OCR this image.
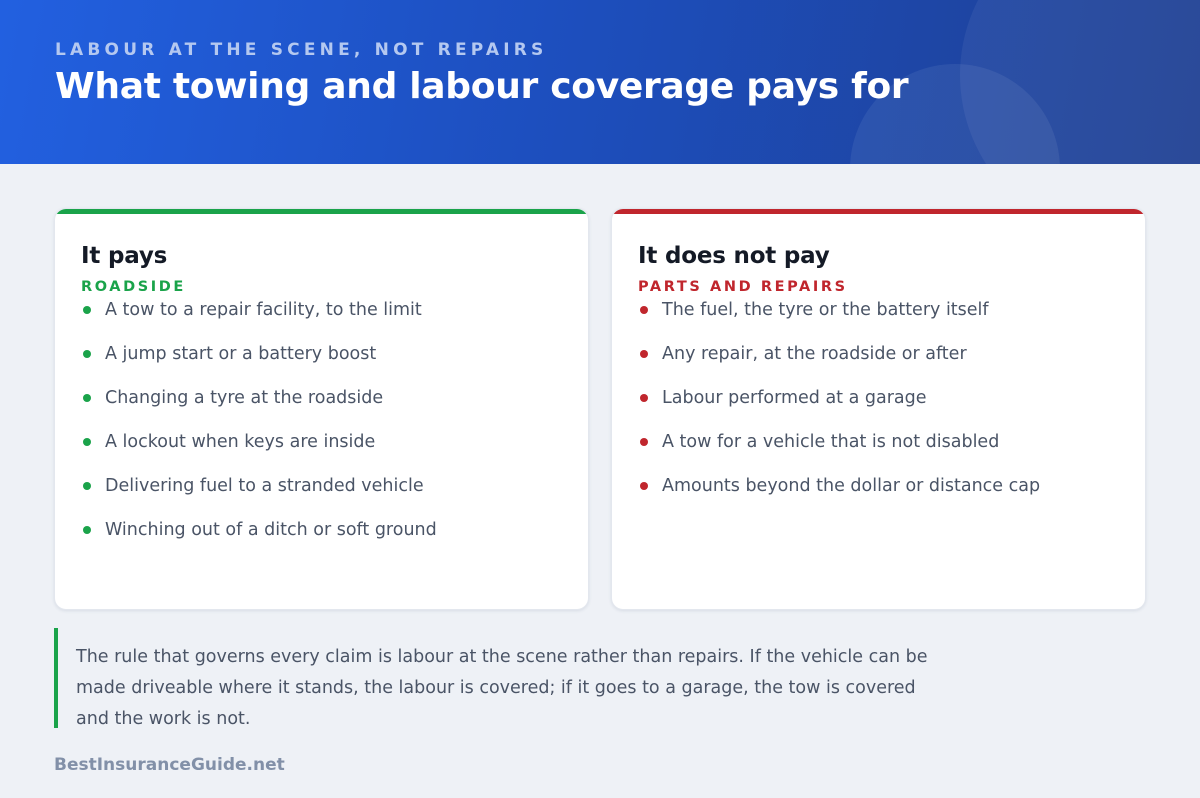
LABOUR AT THE SCENE, NOT REPAIRS
What towing and labour coverage pays for
It pays
ROADSIDE
A tow to a repair facility, to the limit
A jump start or a battery boost
Changing a tyre at the roadside
A lockout when keys are inside
Delivering fuel to a stranded vehicle
Winching out of a ditch or soft ground
It does not pay
PARTS AND REPAIRS
The fuel, the tyre or the battery itself
Any repair, at the roadside or after
Labour performed at a garage
A tow for a vehicle that is not disabled
Amounts beyond the dollar or distance cap

The rule that governs every claim is labour at the scene rather than repairs. If the vehicle can be made driveable where it stands, the labour is covered; if it goes to a garage, the tow is covered and the work is not.

BestInsuranceGuide.net
